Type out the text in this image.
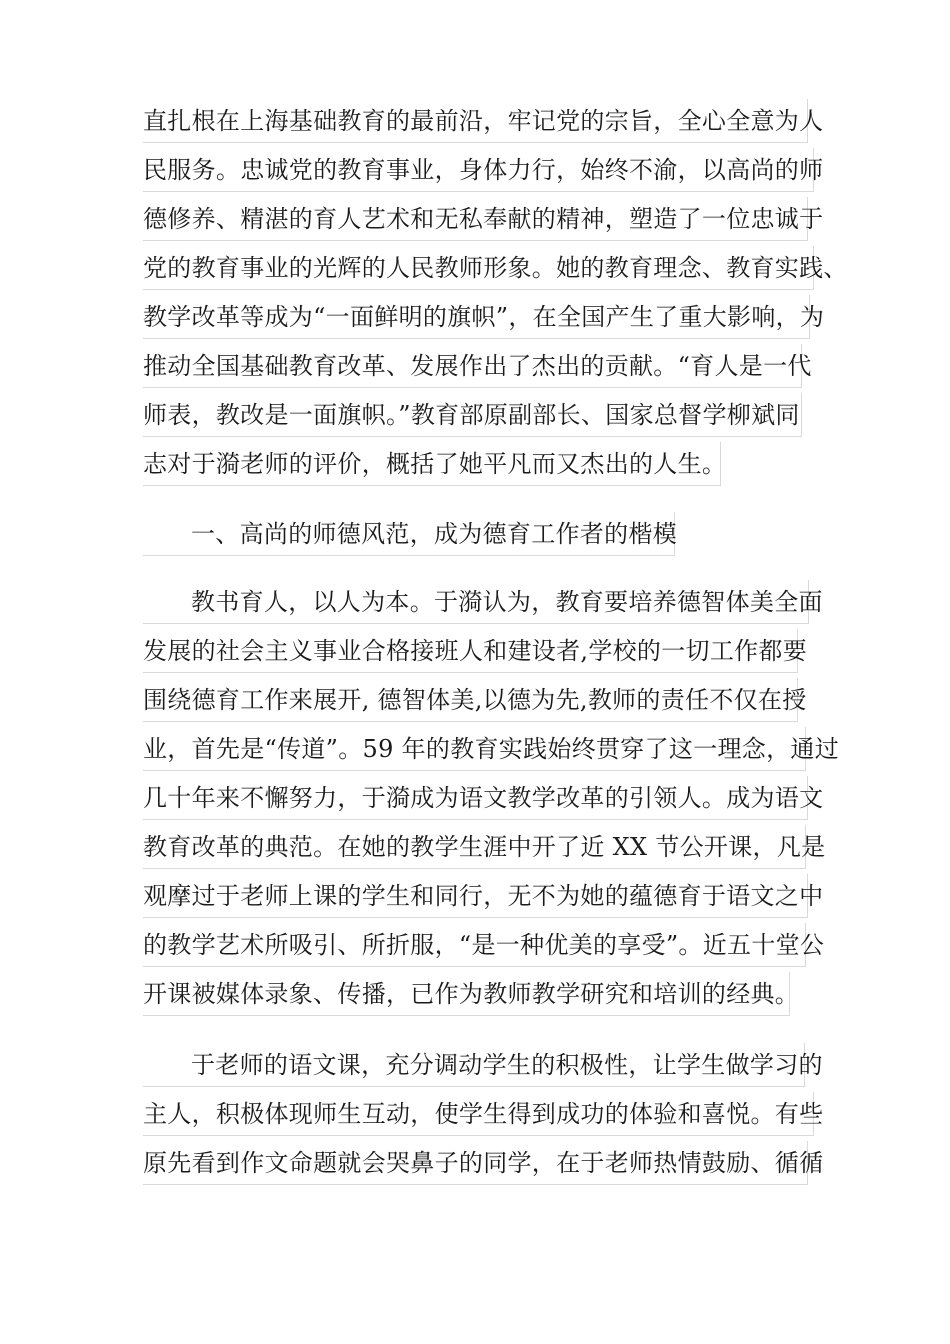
直扎根在上海基础教育的最前沿，牢记党的宗旨，全心全意为人
民服务。忠诚党的教育事业，身体力行，始终不渝，以高尚的师
德修养、精湛的育人艺术和无私奉献的精神，塑造了一位忠诚于
党的教育事业的光辉的人民教师形象。她的教育理念、教育实践、
教学改革等成为“一面鲜明的旗帜”，在全国产生了重大影响，为
推动全国基础教育改革、发展作出了杰出的贡献。“育人是一代
师表，教改是一面旗帜。”教育部原副部长、国家总督学柳斌同
志对于漪老师的评价，概括了她平凡而又杰出的人生。
一、高尚的师德风范，成为德育工作者的楷模
教书育人，以人为本。于漪认为，教育要培养德智体美全面
发展的社会主义事业合格接班人和建设者,学校的一切工作都要
围绕德育工作来展开, 德智体美,以德为先,教师的责任不仅在授
业，首先是“传道”。59 年的教育实践始终贯穿了这一理念，通过
几十年来不懈努力，于漪成为语文教学改革的引领人。成为语文
教育改革的典范。在她的教学生涯中开了近 XX 节公开课，凡是
观摩过于老师上课的学生和同行，无不为她的蕴德育于语文之中
的教学艺术所吸引、所折服，“是一种优美的享受”。近五十堂公
开课被媒体录象、传播，已作为教师教学研究和培训的经典。
于老师的语文课，充分调动学生的积极性，让学生做学习的
主人，积极体现师生互动，使学生得到成功的体验和喜悦。有些
原先看到作文命题就会哭鼻子的同学，在于老师热情鼓励、循循
